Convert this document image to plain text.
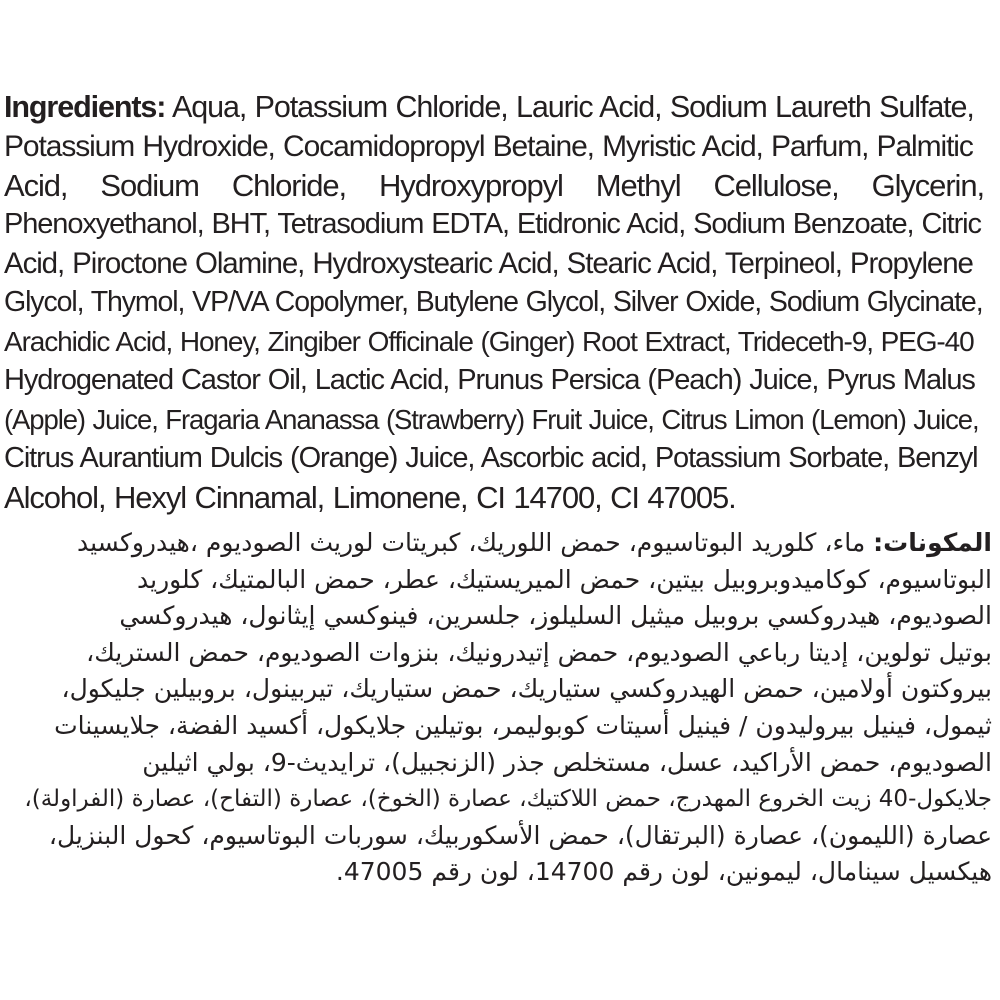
Ingredients: Aqua, Potassium Chloride, Lauric Acid, Sodium Laureth Sulfate,
Potassium Hydroxide, Cocamidopropyl Betaine, Myristic Acid, Parfum, Palmitic
Acid, Sodium Chloride, Hydroxypropyl Methyl Cellulose, Glycerin,
Phenoxyethanol, BHT, Tetrasodium EDTA, Etidronic Acid, Sodium Benzoate, Citric
Acid, Piroctone Olamine, Hydroxystearic Acid, Stearic Acid, Terpineol, Propylene
Glycol, Thymol, VP/VA Copolymer, Butylene Glycol, Silver Oxide, Sodium Glycinate,
Arachidic Acid, Honey, Zingiber Officinale (Ginger) Root Extract, Trideceth-9, PEG-40
Hydrogenated Castor Oil, Lactic Acid, Prunus Persica (Peach) Juice, Pyrus Malus
(Apple) Juice, Fragaria Ananassa (Strawberry) Fruit Juice, Citrus Limon (Lemon) Juice,
Citrus Aurantium Dulcis (Orange) Juice, Ascorbic acid, Potassium Sorbate, Benzyl
Alcohol, Hexyl Cinnamal, Limonene, CI 14700, CI 47005.
المكونات: ماء، كلوريد البوتاسيوم، حمض اللوريك، كبريتات لوريث الصوديوم ،هيدروكسيد
البوتاسيوم، كوكاميدوبروبيل بيتين، حمض الميريستيك، عطر، حمض البالمتيك، كلوريد
الصوديوم، هيدروكسي بروبيل ميثيل السليلوز، جلسرين، فينوكسي إيثانول، هيدروكسي
بوتيل تولوين، إديتا رباعي الصوديوم، حمض إتيدرونيك، بنزوات الصوديوم، حمض الستريك،
بيروكتون أولامين، حمض الهيدروكسي ستياريك، حمض ستياريك، تيربينول، بروبيلين جليكول،
ثيمول، فينيل بيروليدون / فينيل أسيتات كوبوليمر، بوتيلين جلايكول، أكسيد الفضة، جلايسينات
الصوديوم، حمض الأراكيد، عسل، مستخلص جذر (الزنجبيل)، ترايديث-9، بولي اثيلين
جلايكول-40 زيت الخروع المهدرج، حمض اللاكتيك، عصارة (الخوخ)، عصارة (التفاح)، عصارة (الفراولة)،
عصارة (الليمون)، عصارة (البرتقال)، حمض الأسكوربيك، سوربات البوتاسيوم، كحول البنزيل،
هيكسيل سينامال، ليمونين، لون رقم 14700، لون رقم 47005.
